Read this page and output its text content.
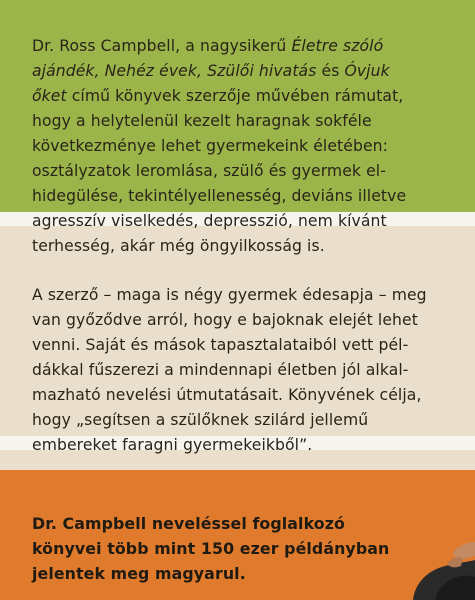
Dr. Ross Campbell, a nagysikerű Életre szóló
ajándék, Nehéz évek, Szülői hivatás és Óvjuk
őket című könyvek szerzője művében rámutat,
hogy a helytelenül kezelt haragnak sokféle
következménye lehet gyermekeink életében:
osztályzatok leromlása, szülő és gyermek el-
hidegülése, tekintélyellenesség, deviáns illetve
agresszív viselkedés, depresszió, nem kívánt
terhesség, akár még öngyilkosság is.
A szerző – maga is négy gyermek édesapja – meg
van győződve arról, hogy e bajoknak elejét lehet
venni. Saját és mások tapasztalataiból vett pél-
dákkal fűszerezi a mindennapi életben jól alkal-
mazható nevelési útmutatásait. Könyvének célja,
hogy „segítsen a szülőknek szilárd jellemű
embereket faragni gyermekeikből”.
Dr. Campbell neveléssel foglalkozó
könyvei több mint 150 ezer példányban
jelentek meg magyarul.
